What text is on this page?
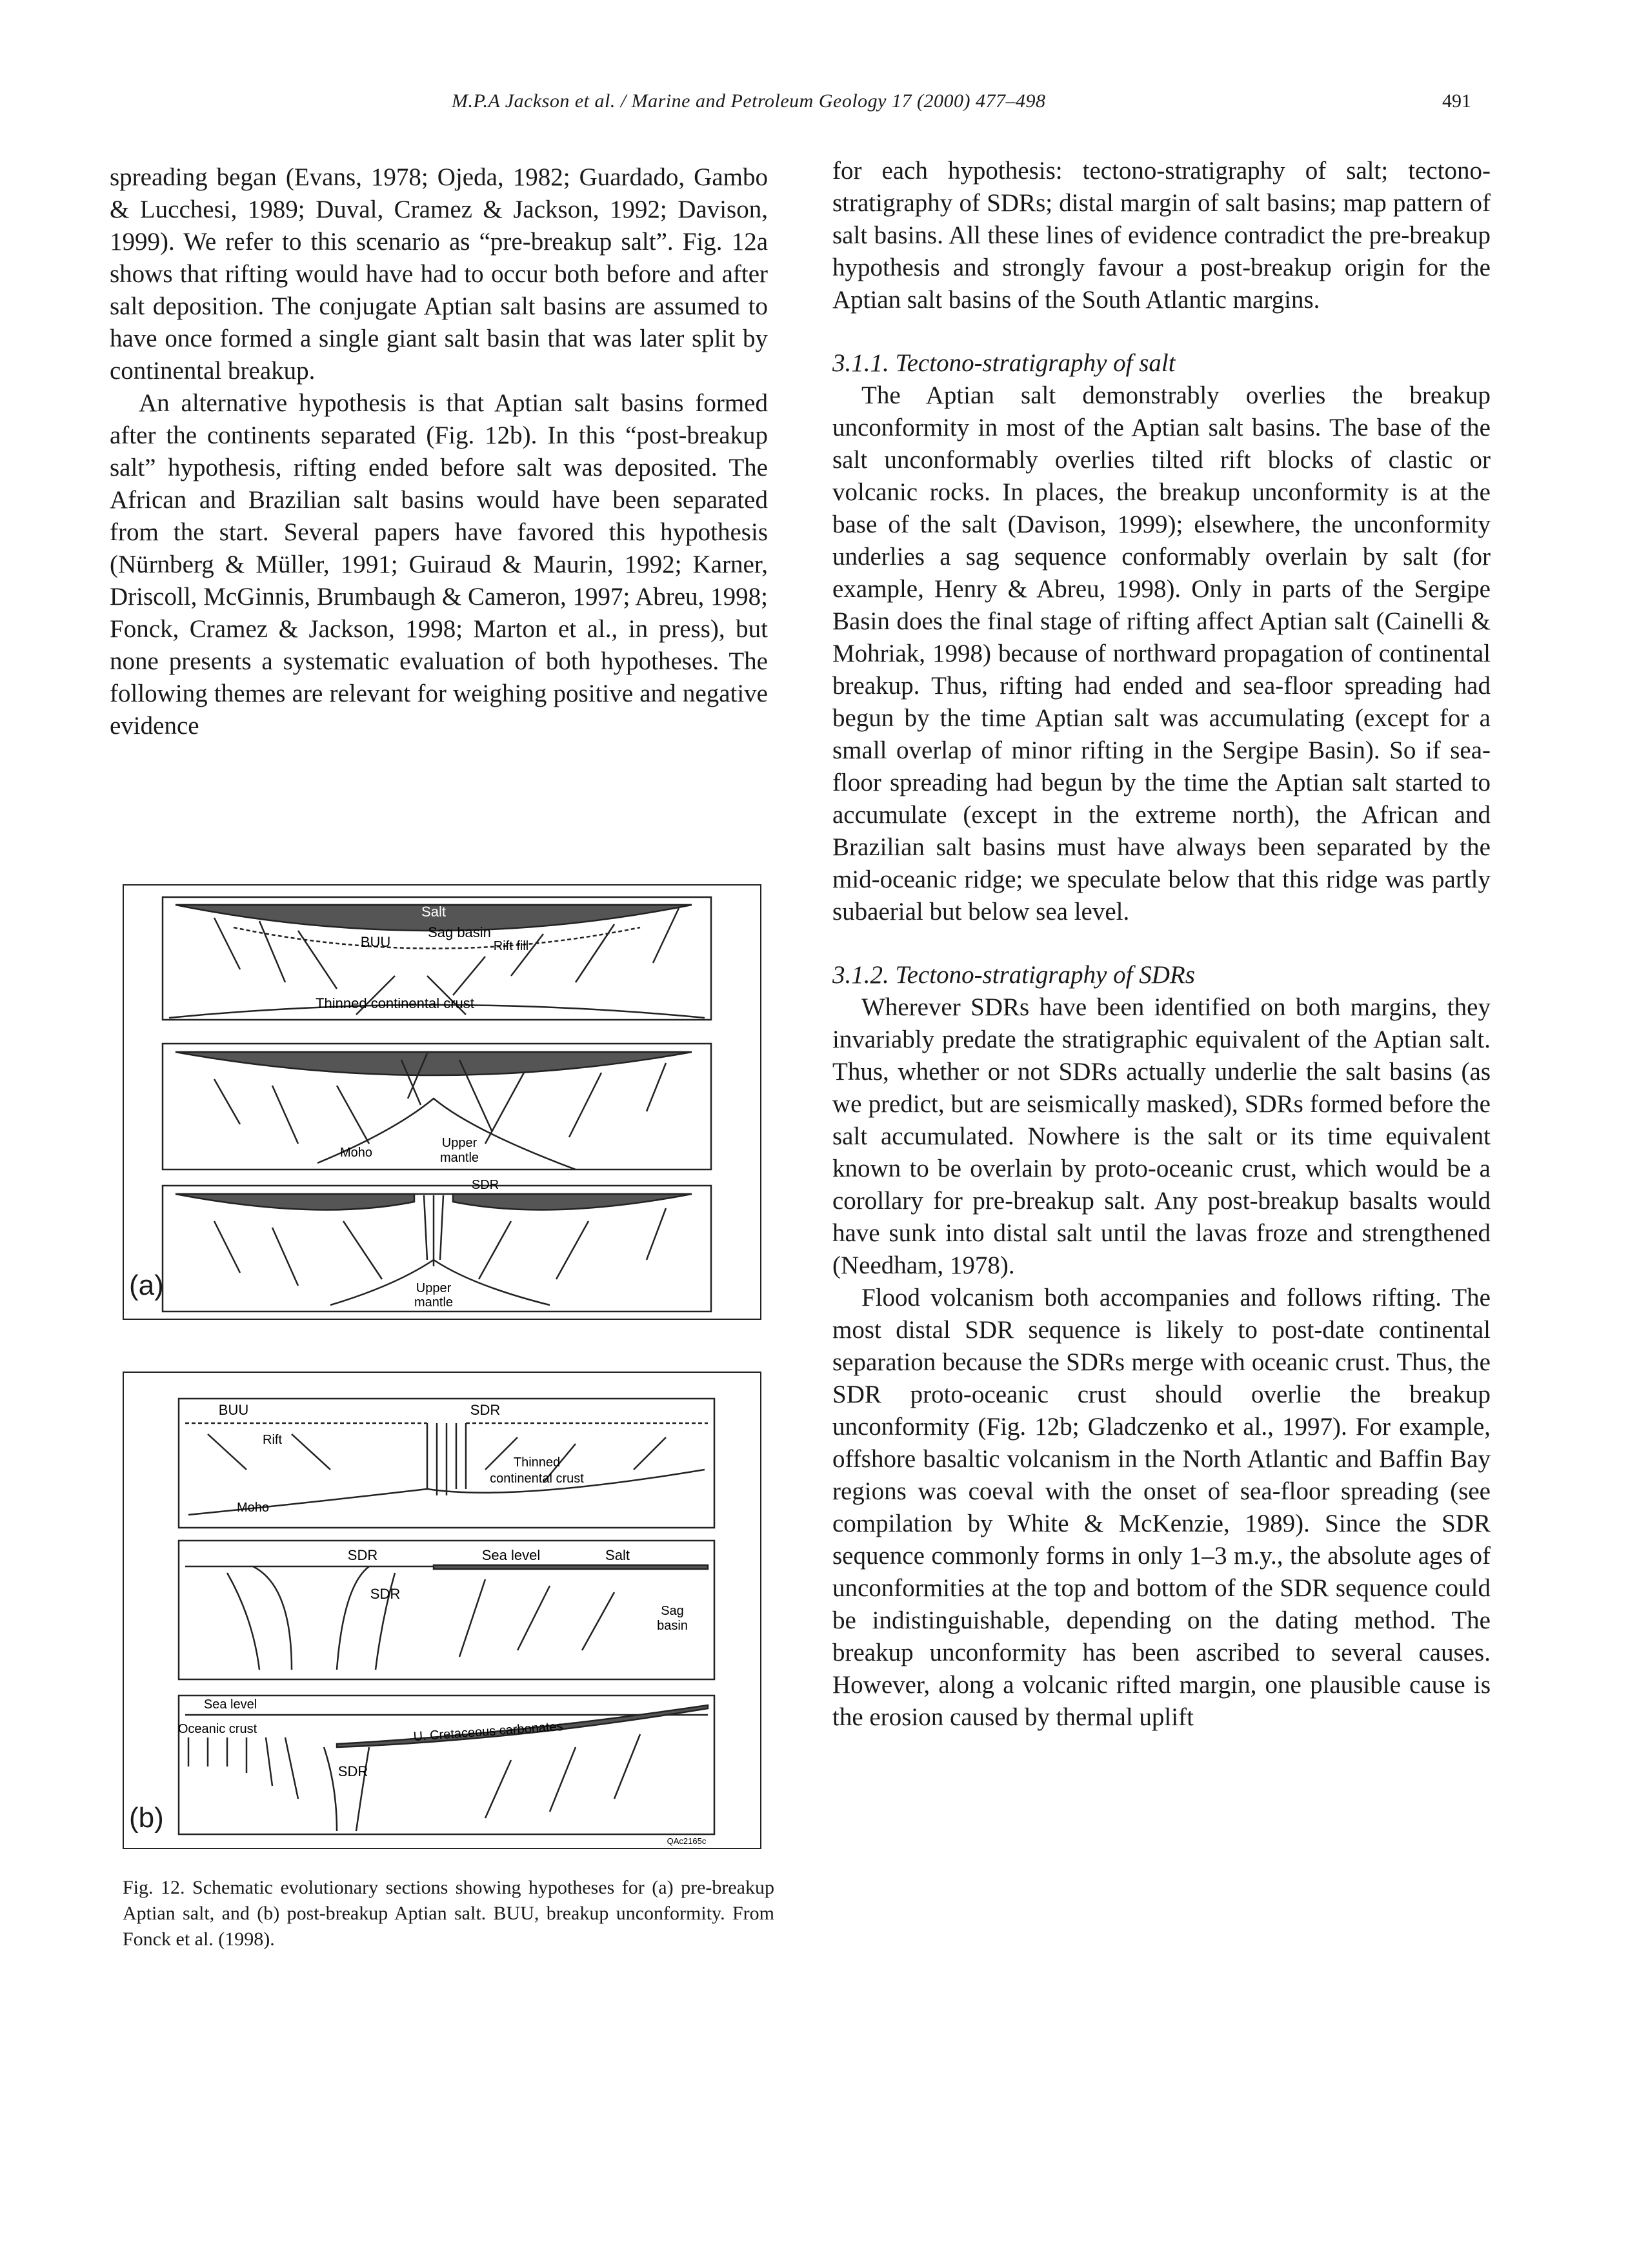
M.P.A Jackson et al. / Marine and Petroleum Geology 17 (2000) 477–498	491

spreading began (Evans, 1978; Ojeda, 1982; Guardado, Gambo & Lucchesi, 1989; Duval, Cramez & Jackson, 1992; Davison, 1999). We refer to this scenario as “pre-breakup salt”. Fig. 12a shows that rifting would have had to occur both before and after salt deposition. The conjugate Aptian salt basins are assumed to have once formed a single giant salt basin that was later split by continental breakup.

An alternative hypothesis is that Aptian salt basins formed after the continents separated (Fig. 12b). In this “post-breakup salt” hypothesis, rifting ended before salt was deposited. The African and Brazilian salt basins would have been separated from the start. Several papers have favored this hypothesis (Nürnberg & Müller, 1991; Guiraud & Maurin, 1992; Karner, Driscoll, McGinnis, Brumbaugh & Cameron, 1997; Abreu, 1998; Fonck, Cramez & Jackson, 1998; Marton et al., in press), but none presents a systematic evaluation of both hypotheses. The following themes are relevant for weighing positive and negative evidence

Salt
Sag basin
BUU	Rift fill
Thinned continental crust
Moho
Upper
mantle
SDR
Upper
mantle
(a)
BUU	SDR
Rift
Moho
Thinned
continental crust
SDR	Sea level	Salt
SDR
Sag
basin
Sea level
Oceanic crust	U. Cretaceous carbonates
SDR
QAc2165c
(b)

Fig. 12. Schematic evolutionary sections showing hypotheses for (a) pre-breakup Aptian salt, and (b) post-breakup Aptian salt. BUU, breakup unconformity. From Fonck et al. (1998).

for each hypothesis: tectono-stratigraphy of salt; tectono-stratigraphy of SDRs; distal margin of salt basins; map pattern of salt basins. All these lines of evidence contradict the pre-breakup hypothesis and strongly favour a post-breakup origin for the Aptian salt basins of the South Atlantic margins.

3.1.1. Tectono-stratigraphy of salt

The Aptian salt demonstrably overlies the breakup unconformity in most of the Aptian salt basins. The base of the salt unconformably overlies tilted rift blocks of clastic or volcanic rocks. In places, the breakup unconformity is at the base of the salt (Davison, 1999); elsewhere, the unconformity underlies a sag sequence conformably overlain by salt (for example, Henry & Abreu, 1998). Only in parts of the Sergipe Basin does the final stage of rifting affect Aptian salt (Cainelli & Mohriak, 1998) because of northward propagation of continental breakup. Thus, rifting had ended and sea-floor spreading had begun by the time Aptian salt was accumulating (except for a small overlap of minor rifting in the Sergipe Basin). So if sea-floor spreading had begun by the time the Aptian salt started to accumulate (except in the extreme north), the African and Brazilian salt basins must have always been separated by the mid-oceanic ridge; we speculate below that this ridge was partly subaerial but below sea level.

3.1.2. Tectono-stratigraphy of SDRs

Wherever SDRs have been identified on both margins, they invariably predate the stratigraphic equivalent of the Aptian salt. Thus, whether or not SDRs actually underlie the salt basins (as we predict, but are seismically masked), SDRs formed before the salt accumulated. Nowhere is the salt or its time equivalent known to be overlain by proto-oceanic crust, which would be a corollary for pre-breakup salt. Any post-breakup basalts would have sunk into distal salt until the lavas froze and strengthened (Needham, 1978).

Flood volcanism both accompanies and follows rifting. The most distal SDR sequence is likely to post-date continental separation because the SDRs merge with oceanic crust. Thus, the SDR proto-oceanic crust should overlie the breakup unconformity (Fig. 12b; Gladczenko et al., 1997). For example, offshore basaltic volcanism in the North Atlantic and Baffin Bay regions was coeval with the onset of sea-floor spreading (see compilation by White & McKenzie, 1989). Since the SDR sequence commonly forms in only 1–3 m.y., the absolute ages of unconformities at the top and bottom of the SDR sequence could be indistinguishable, depending on the dating method. The breakup unconformity has been ascribed to several causes. However, along a volcanic rifted margin, one plausible cause is the erosion caused by thermal uplift
